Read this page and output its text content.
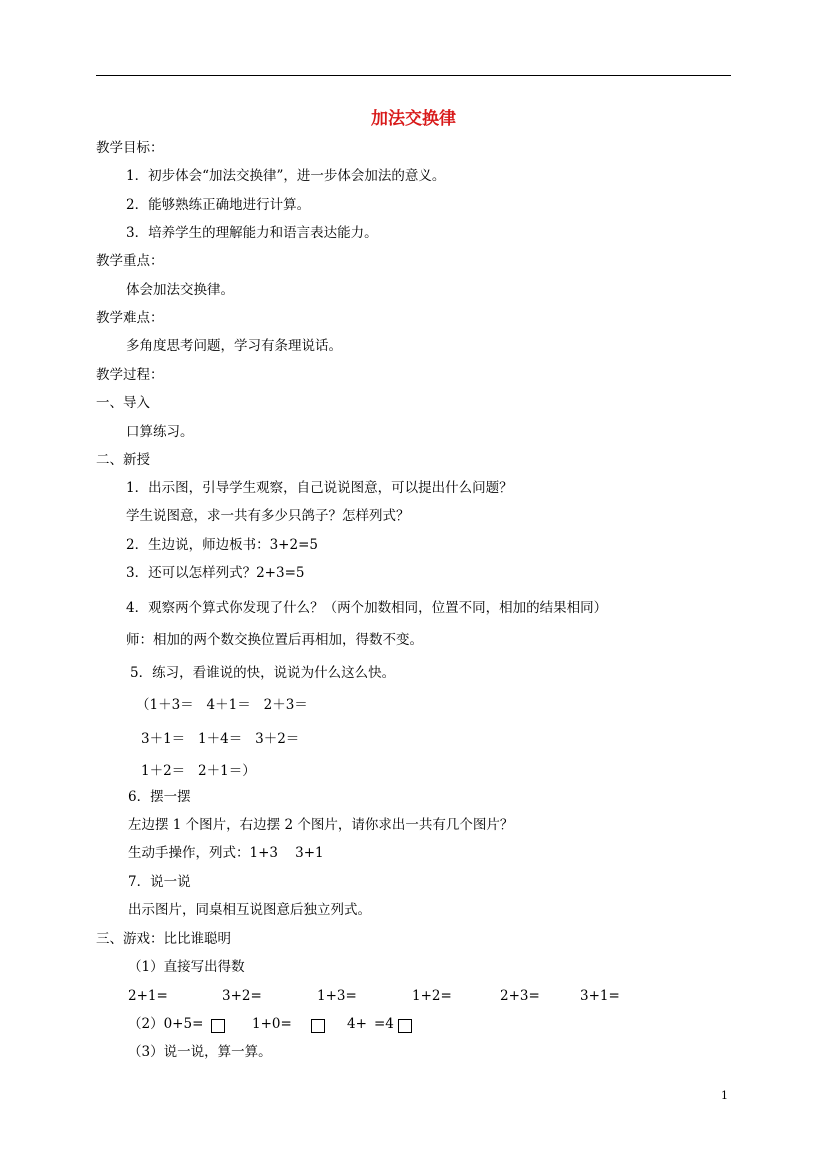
加法交换律
教学目标：
1．初步体会“加法交换律”，进一步体会加法的意义。
2．能够熟练正确地进行计算。
3．培养学生的理解能力和语言表达能力。
教学重点：
体会加法交换律。
教学难点：
多角度思考问题，学习有条理说话。
教学过程：
一、导入
口算练习。
二、新授
1．出示图，引导学生观察，自己说说图意，可以提出什么问题？
学生说图意，求一共有多少只鸽子？怎样列式？
2．生边说，师边板书：3+2=5
3．还可以怎样列式？2+3=5
4．观察两个算式你发现了什么？（两个加数相同，位置不同，相加的结果相同）
师：相加的两个数交换位置后再相加，得数不变。
5．练习，看谁说的快，说说为什么这么快。
（1＋3＝   4＋1＝   2＋3＝
3＋1＝   1＋4＝   3＋2＝
1＋2＝   2＋1＝）
6．摆一摆
左边摆 1 个图片，右边摆 2 个图片，请你求出一共有几个图片？
生动手操作，列式：1+3    3+1
7．说一说
出示图片，同桌相互说图意后独立列式。
三、游戏：比比谁聪明
（1）直接写出得数
2+1=	3+2=	1+3=	1+2=	2+3=	3+1=
（2）0+5=	1+0=	4+ =4
（3）说一说，算一算。
1
